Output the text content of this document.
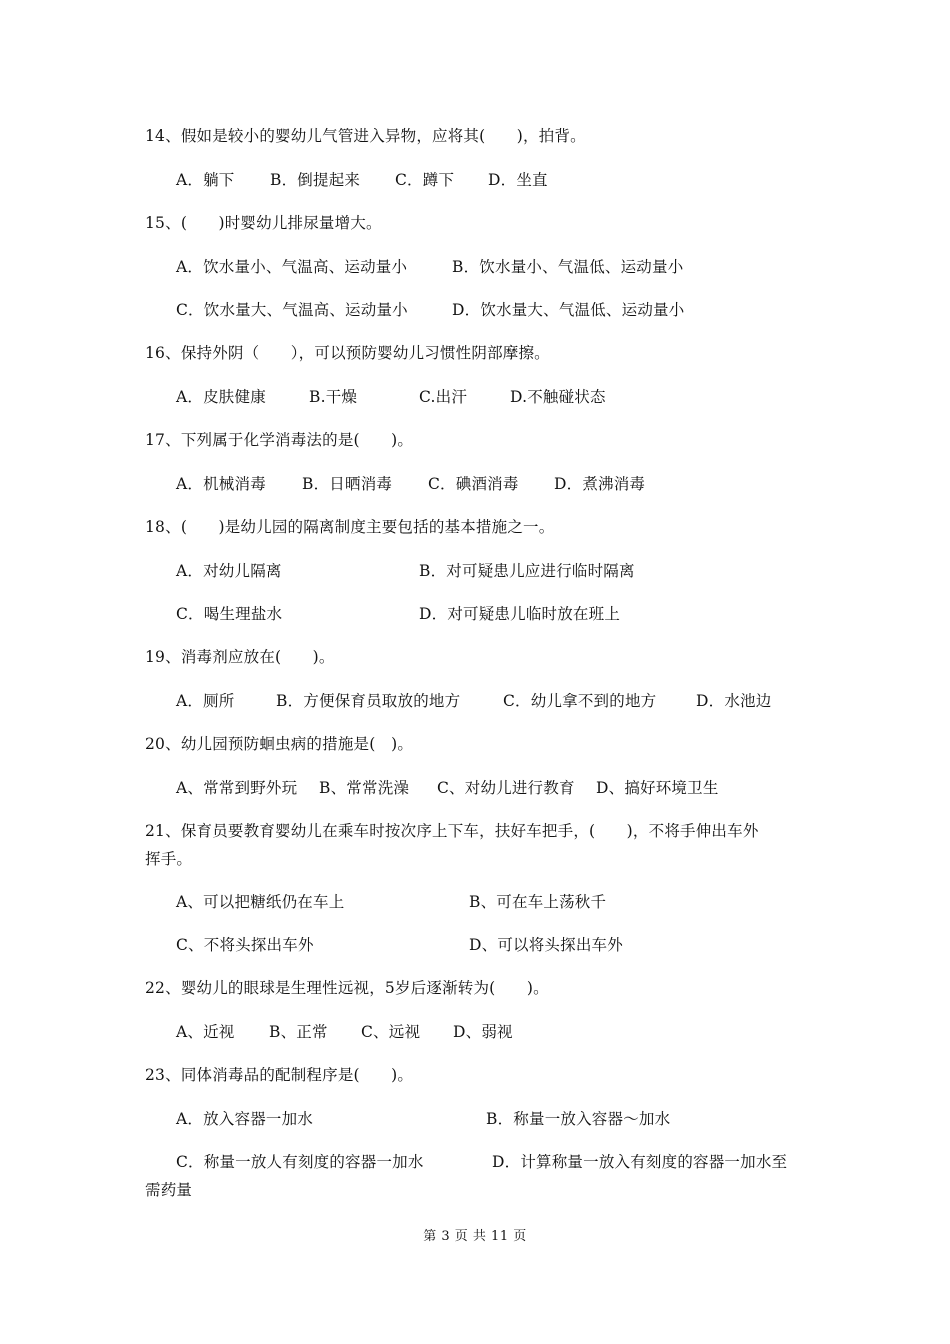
14、假如是较小的婴幼儿气管进入异物，应将其(　　)，拍背。
A．躺下 B．倒提起来 C．蹲下 D．坐直
15、(　　)时婴幼儿排尿量增大。
A．饮水量小、气温高、运动量小	B．饮水量小、气温低、运动量小
C．饮水量大、气温高、运动量小	D．饮水量大、气温低、运动量小
16、保持外阴（　　），可以预防婴幼儿习惯性阴部摩擦。
A．皮肤健康	B.干燥	C.出汗	D.不触碰状态
17、下列属于化学消毒法的是(　　)。
A．机械消毒 B．日晒消毒 C．碘酒消毒 D．煮沸消毒
18、(　　)是幼儿园的隔离制度主要包括的基本措施之一。
A．对幼儿隔离	B．对可疑患儿应进行临时隔离
C．喝生理盐水	D．对可疑患儿临时放在班上
19、消毒剂应放在(　　)。
A．厕所	B．方便保育员取放的地方	C．幼儿拿不到的地方	D．水池边
20、幼儿园预防蛔虫病的措施是(　)。
A、常常到野外玩 B、常常洗澡 C、对幼儿进行教育 D、搞好环境卫生
21、保育员要教育婴幼儿在乘车时按次序上下车，扶好车把手，(　　)，不将手伸出车外
挥手。
A、可以把糖纸仍在车上	B、可在车上荡秋千
C、不将头探出车外	D、可以将头探出车外
22、婴幼儿的眼球是生理性远视，5岁后逐渐转为(　　)。
A、近视 B、正常 C、远视 D、弱视
23、同体消毒品的配制程序是(　　)。
A．放入容器一加水	B．称量一放入容器～加水
C．称量一放人有刻度的容器一加水	D．计算称量一放入有刻度的容器一加水至
需药量
第 3 页 共 11 页
